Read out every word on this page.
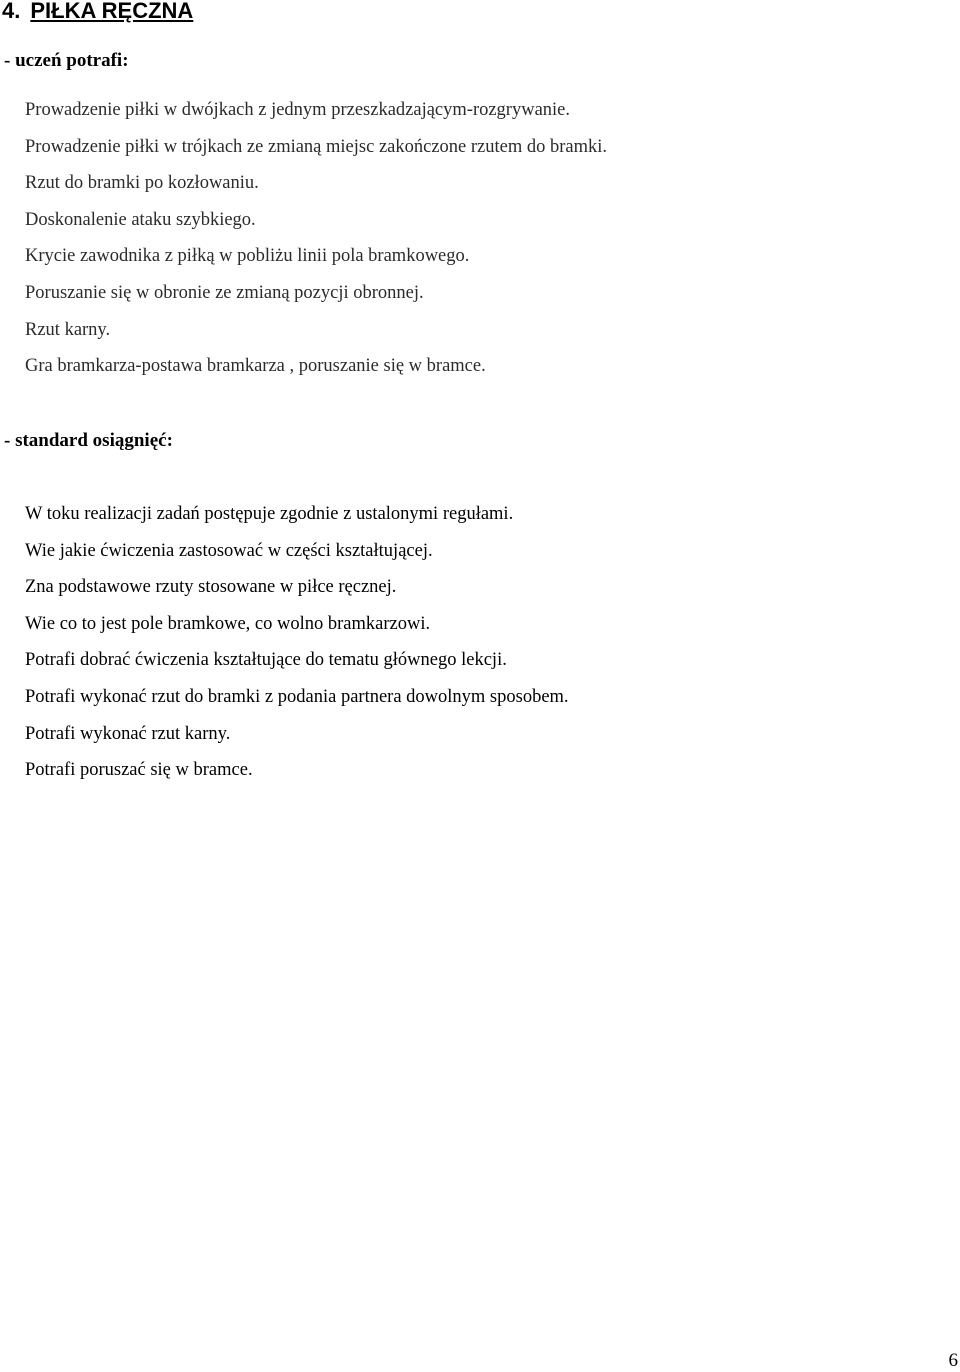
4. PIŁKA RĘCZNA
- uczeń potrafi:
Prowadzenie piłki w dwójkach z jednym przeszkadzającym-rozgrywanie.
Prowadzenie piłki w trójkach ze zmianą miejsc zakończone rzutem do bramki.
Rzut do bramki po kozłowaniu.
Doskonalenie ataku szybkiego.
Krycie zawodnika z piłką w pobliżu linii pola bramkowego.
Poruszanie się w obronie ze zmianą pozycji obronnej.
Rzut karny.
Gra bramkarza-postawa bramkarza , poruszanie się w bramce.
- standard osiągnięć:
W toku realizacji zadań postępuje zgodnie z ustalonymi regułami.
Wie jakie ćwiczenia zastosować w części kształtującej.
Zna podstawowe rzuty stosowane w piłce ręcznej.
Wie co to jest pole bramkowe, co wolno bramkarzowi.
Potrafi dobrać ćwiczenia kształtujące do tematu głównego lekcji.
Potrafi wykonać rzut do bramki z podania partnera dowolnym sposobem.
Potrafi wykonać rzut karny.
Potrafi poruszać się w bramce.
6
